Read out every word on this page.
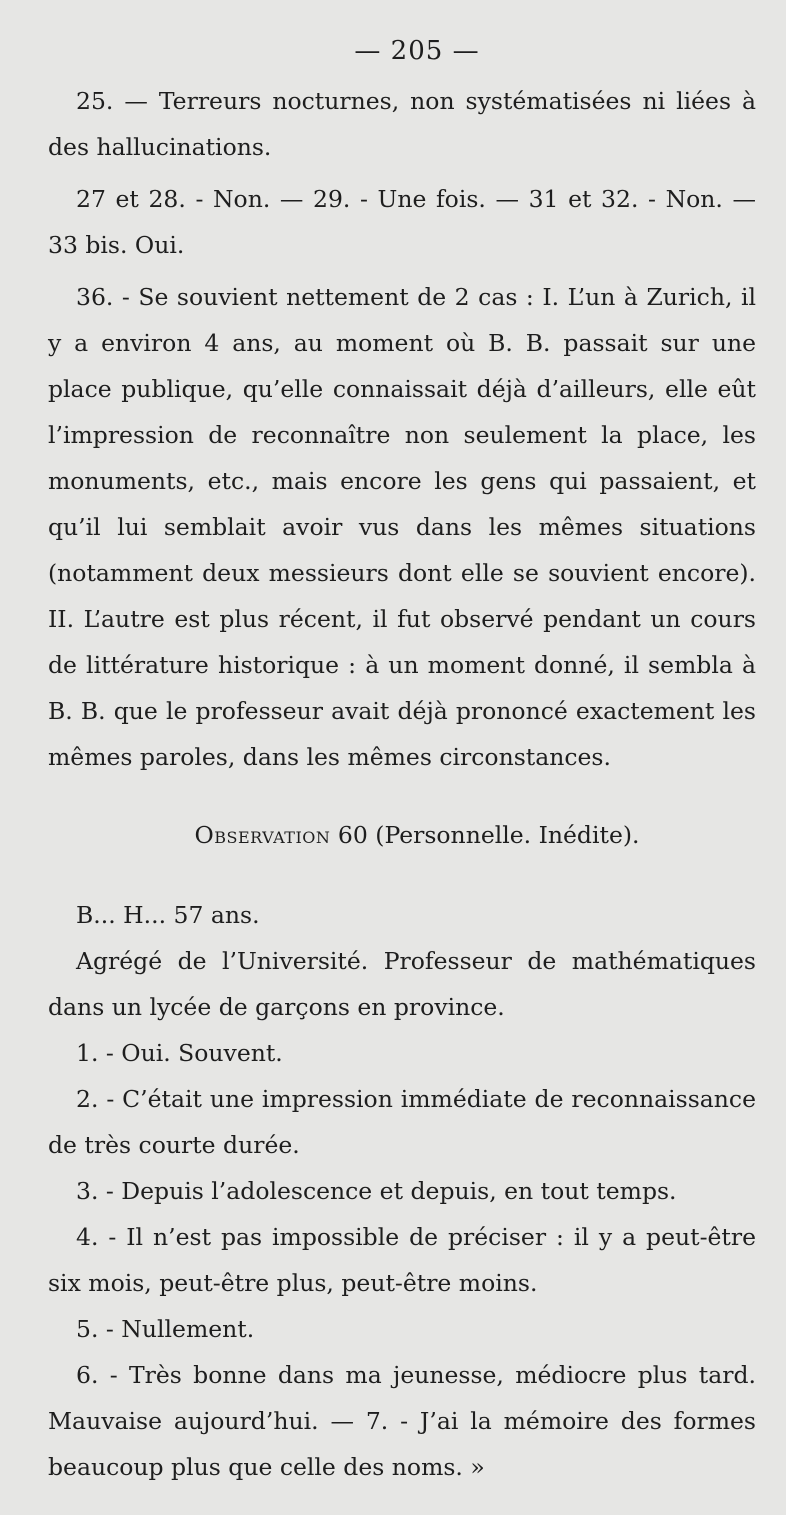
— 205 —

25. — Terreurs nocturnes, non systématisées ni liées à des hallucinations.

27 et 28. - Non. — 29. - Une fois. — 31 et 32. - Non. — 33 bis. Oui.

36. - Se souvient nettement de 2 cas : I. L’un à Zurich, il y a environ 4 ans, au moment où B. B. passait sur une place publique, qu’elle connaissait déjà d’ailleurs, elle eût l’impression de reconnaître non seulement la place, les monuments, etc., mais encore les gens qui passaient, et qu’il lui semblait avoir vus dans les mêmes situations (notamment deux messieurs dont elle se souvient encore). II. L’autre est plus récent, il fut observé pendant un cours de littérature historique : à un moment donné, il sembla à B. B. que le professeur avait déjà prononcé exactement les mêmes paroles, dans les mêmes circonstances.

Observation 60 (Personnelle. Inédite).

B... H... 57 ans.

Agrégé de l’Université. Professeur de mathématiques dans un lycée de garçons en province.

1. - Oui. Souvent.

2. - C’était une impression immédiate de reconnaissance de très courte durée.

3. - Depuis l’adolescence et depuis, en tout temps.

4. - Il n’est pas impossible de préciser : il y a peut-être six mois, peut-être plus, peut-être moins.

5. - Nullement.

6. - Très bonne dans ma jeunesse, médiocre plus tard. Mauvaise aujourd’hui. — 7. - J’ai la mémoire des formes beaucoup plus que celle des noms. »
